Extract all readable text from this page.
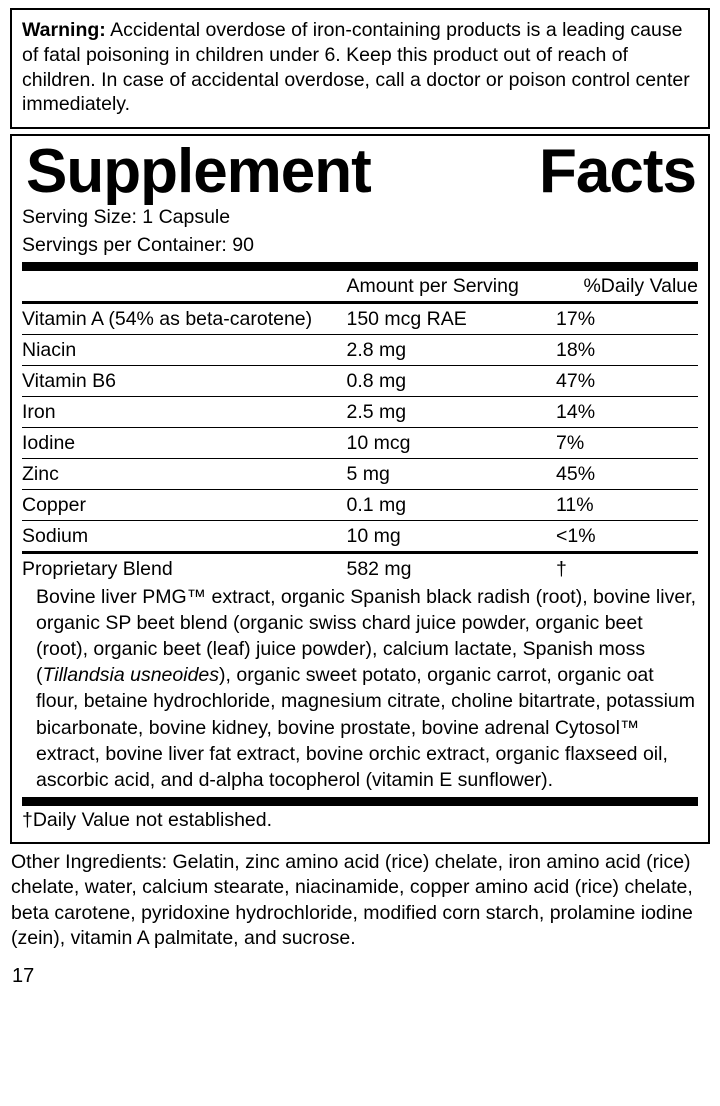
Warning: Accidental overdose of iron-containing products is a leading cause of fatal poisoning in children under 6. Keep this product out of reach of children. In case of accidental overdose, call a doctor or poison control center immediately.
Supplement	Facts
Serving Size: 1 Capsule
Servings per Container: 90
	Amount per Serving	%Daily Value
Vitamin A (54% as beta-carotene)	150 mcg RAE	17%
Niacin	2.8 mg	18%
Vitamin B6	0.8 mg	47%
Iron	2.5 mg	14%
Iodine	10 mcg	7%
Zinc	5 mg	45%
Copper	0.1 mg	11%
Sodium	10 mg	<1%
Proprietary Blend	582 mg	†
Bovine liver PMG™ extract, organic Spanish black radish (root), bovine liver, organic SP beet blend (organic swiss chard juice powder, organic beet (root), organic beet (leaf) juice powder), calcium lactate, Spanish moss (Tillandsia usneoides), organic sweet potato, organic carrot, organic oat flour, betaine hydrochloride, magnesium citrate, choline bitartrate, potassium bicarbonate, bovine kidney, bovine prostate, bovine adrenal Cytosol™ extract, bovine liver fat extract, bovine orchic extract, organic flaxseed oil, ascorbic acid, and d-alpha tocopherol (vitamin E sunflower).
†Daily Value not established.
Other Ingredients: Gelatin, zinc amino acid (rice) chelate, iron amino acid (rice) chelate, water, calcium stearate, niacinamide, copper amino acid (rice) chelate, beta carotene, pyridoxine hydrochloride, modified corn starch, prolamine iodine (zein), vitamin A palmitate, and sucrose.
17
